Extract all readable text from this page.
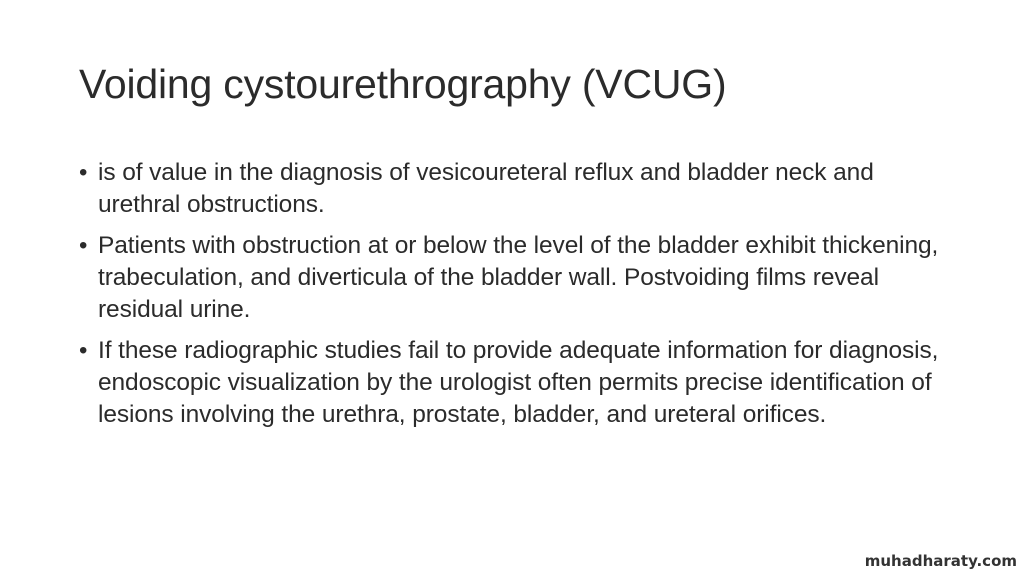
Voiding cystourethrography (VCUG)
• is of value in the diagnosis of vesicoureteral reflux and bladder neck and urethral obstructions.
• Patients with obstruction at or below the level of the bladder exhibit thickening, trabeculation, and diverticula of the bladder wall. Postvoiding films reveal residual urine.
• If these radiographic studies fail to provide adequate information for diagnosis, endoscopic visualization by the urologist often permits precise identification of lesions involving the urethra, prostate, bladder, and ureteral orifices.
muhadharaty.com
